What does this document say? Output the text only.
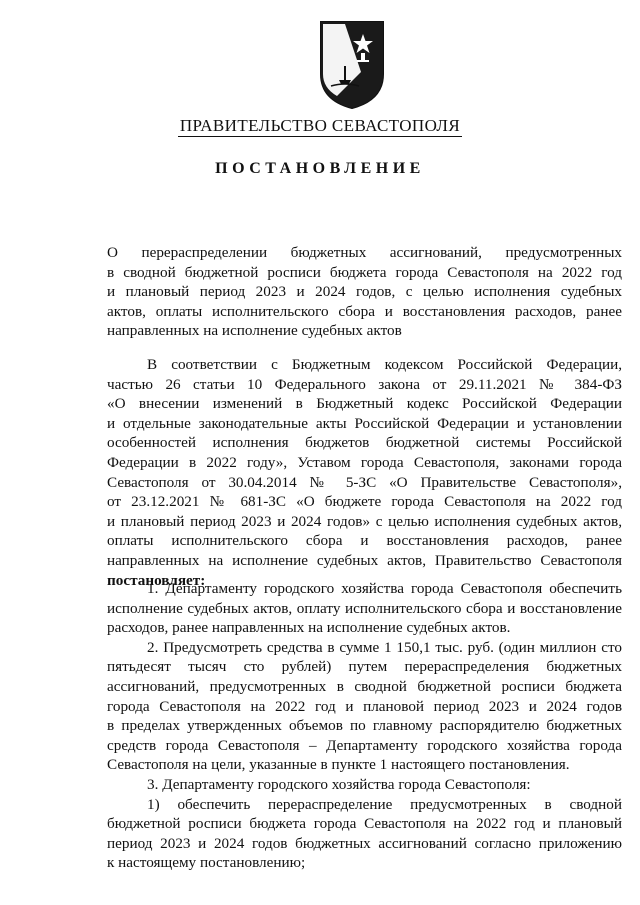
ПРАВИТЕЛЬСТВО СЕВАСТОПОЛЯ
ПОСТАНОВЛЕНИЕ
О перераспределении бюджетных ассигнований, предусмотренных
в сводной бюджетной росписи бюджета города Севастополя на 2022 год
и плановый период 2023 и 2024 годов, с целью исполнения судебных
актов, оплаты исполнительского сбора и восстановления расходов, ранее
направленных на исполнение судебных актов
В соответствии с Бюджетным кодексом Российской Федерации,
частью 26 статьи 10 Федерального закона от 29.11.2021 № 384-ФЗ
«О внесении изменений в Бюджетный кодекс Российской Федерации
и отдельные законодательные акты Российской Федерации и установлении
особенностей исполнения бюджетов бюджетной системы Российской
Федерации в 2022 году», Уставом города Севастополя, законами города
Севастополя от 30.04.2014 № 5-ЗС «О Правительстве Севастополя»,
от 23.12.2021 № 681-ЗС «О бюджете города Севастополя на 2022 год
и плановый период 2023 и 2024 годов» с целью исполнения судебных актов,
оплаты исполнительского сбора и восстановления расходов, ранее
направленных на исполнение судебных актов, Правительство Севастополя
постановляет:
1. Департаменту городского хозяйства города Севастополя обеспечить
исполнение судебных актов, оплату исполнительского сбора и восстановление
расходов, ранее направленных на исполнение судебных актов.
2. Предусмотреть средства в сумме 1 150,1 тыс. руб. (один миллион сто
пятьдесят тысяч сто рублей) путем перераспределения бюджетных
ассигнований, предусмотренных в сводной бюджетной росписи бюджета
города Севастополя на 2022 год и плановой период 2023 и 2024 годов
в пределах утвержденных объемов по главному распорядителю бюджетных
средств города Севастополя – Департаменту городского хозяйства города
Севастополя на цели, указанные в пункте 1 настоящего постановления.
3. Департаменту городского хозяйства города Севастополя:
1) обеспечить перераспределение предусмотренных в сводной
бюджетной росписи бюджета города Севастополя на 2022 год и плановый
период 2023 и 2024 годов бюджетных ассигнований согласно приложению
к настоящему постановлению;
